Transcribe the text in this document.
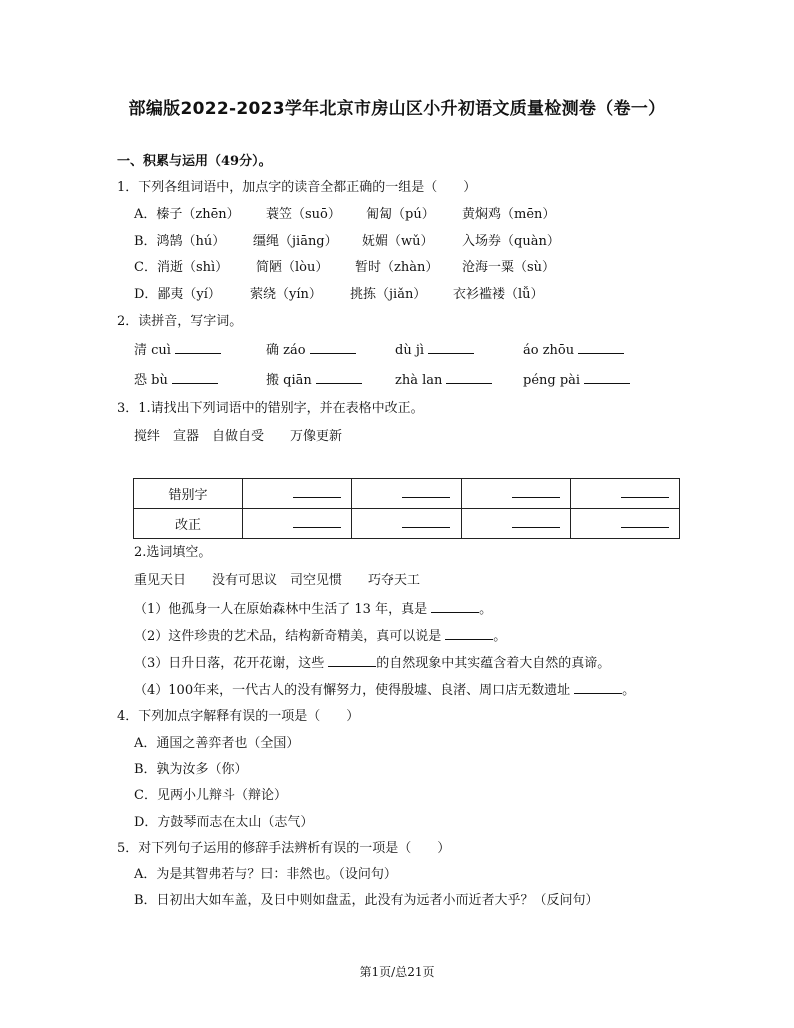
部编版2022-2023学年北京市房山区小升初语文质量检测卷（卷一）
一、积累与运用（49分）。
1．下列各组词语中，加点字的读音全都正确的一组是（　　）
A．榛子（zhēn） 蓑笠（suō） 匍匐（pú） 黄焖鸡（mēn）
B．鸿鹄（hú） 缰绳（jiāng） 妩媚（wǔ） 入场券（quàn）
C．消逝（shì） 简陋（lòu） 暂时（zhàn） 沧海一粟（sù）
D．鄙夷（yí） 萦绕（yín） 挑拣（jiǎn） 衣衫褴褛（lǚ）
2．读拼音，写字词。
清 cuì	确 záo	dù jì	áo zhōu
恐 bù	搬 qiān	zhà lan	péng pài
3．1.请找出下列词语中的错别字，并在表格中改正。
搅绊　宣器　自做自受　　万像更新
错别字				
改正				
2.选词填空。
重见天日　　没有可思议　司空见惯　　巧夺天工
（1）他孤身一人在原始森林中生活了 13 年，真是	。
（2）这件珍贵的艺术品，结构新奇精美，真可以说是	。
（3）日升日落，花开花谢，这些	的自然现象中其实蕴含着大自然的真谛。
（4）100年来，一代古人的没有懈努力，使得殷墟、良渚、周口店无数遗址	。
4．下列加点字解释有误的一项是（　　）
A．通国之善弈者也（全国）
B．孰为汝多（你）
C．见两小儿辩斗（辩论）
D．方鼓琴而志在太山（志气）
5．对下列句子运用的修辞手法辨析有误的一项是（　　）
A．为是其智弗若与？曰：非然也。（设问句）
B．日初出大如车盖，及日中则如盘盂，此没有为远者小而近者大乎？（反问句）
第1页/总21页
